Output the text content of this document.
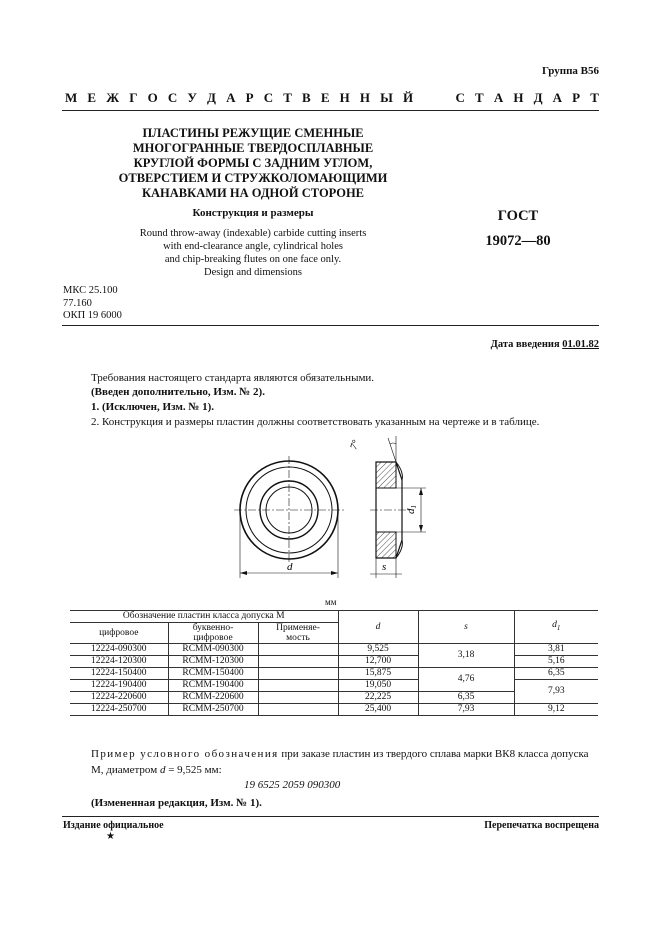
Группа В56
М Е Ж Г О С У Д А Р С Т В Е Н Н Ы Й	С Т А Н Д А Р Т
ПЛАСТИНЫ РЕЖУЩИЕ СМЕННЫЕ
МНОГОГРАННЫЕ ТВЕРДОСПЛАВНЫЕ
КРУГЛОЙ ФОРМЫ С ЗАДНИМ УГЛОМ,
ОТВЕРСТИЕМ И СТРУЖКОЛОМАЮЩИМИ
КАНАВКАМИ НА ОДНОЙ СТОРОНЕ
Конструкция и размеры
Round throw-away (indexable) carbide cutting inserts
with end-clearance angle, cylindrical holes
and chip-breaking flutes on one face only.
Design and dimensions
ГОСТ
19072—80
МКС 25.100
77.160
ОКП 19 6000
Дата введения 01.01.82
Требования настоящего стандарта являются обязательными.
(Введен дополнительно, Изм. № 2).
1. (Исключен, Изм. № 1).
2. Конструкция и размеры пластин должны соответствовать указанным на чертеже и в таблице.
d
d1
s
7°
мм
Обозначение пластин класса допуска М			d	s	$d_1$
цифровое	буквенно-
цифровое	Применяе-
мость			
12224-090300	RCMM-090300		9,525	3,18	3,81
12224-120300	RCMM-120300		12,700		5,16
12224-150400	RCMM-150400		15,875	4,76	6,35
12224-190400	RCMM-190400		19,050		7,93
12224-220600	RCMM-220600		22,225	6,35	
12224-250700	RCMM-250700		25,400	7,93	9,12
Пример условного обозначения при заказе пластин из твердого сплава марки ВК8 класса допуска М, диаметром d = 9,525 мм:
19 6525 2059 090300
(Измененная редакция, Изм. № 1).
Издание официальное	Перепечатка воспрещена
★
